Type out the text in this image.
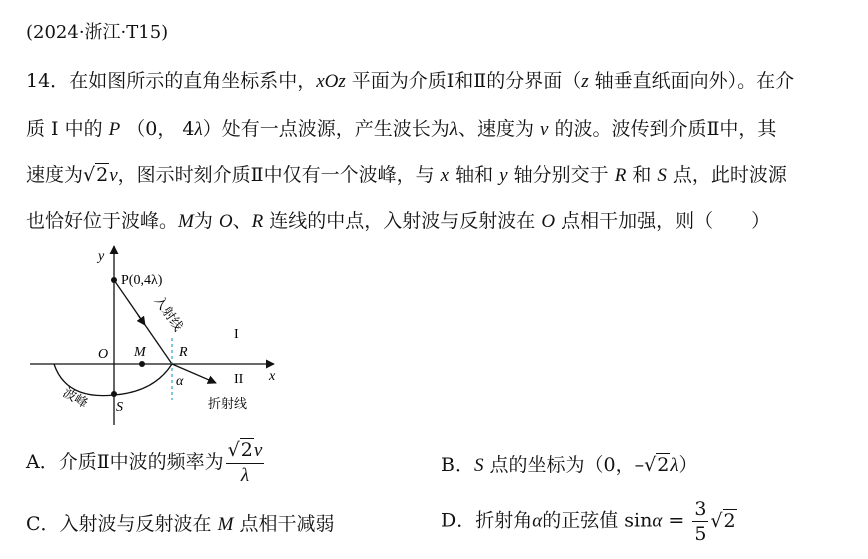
(2024·浙江·T15)
14．在如图所示的直角坐标系中，xOz 平面为介质Ⅰ和Ⅱ的分界面（z 轴垂直纸面向外）。在介
质 Ⅰ 中的 P （0， 4λ）处有一点波源，产生波长为λ、速度为 v 的波。波传到介质Ⅱ中，其
速度为√2v，图示时刻介质Ⅱ中仅有一个波峰，与 x 轴和 y 轴分别交于 R 和 S 点，此时波源
也恰好位于波峰。M为 O、R 连线的中点，入射波与反射波在 O 点相干加强，则（　　）
y
x
P(0,4λ)
入射线
I
II
O M R
α
折射线
波峰 S
A．介质Ⅱ中波的频率为 $\frac{√2v}{\lambda}$	B．S 点的坐标为（0，–√2λ）
C．入射波与反射波在 M 点相干减弱	D．折射角α的正弦值 $\sin\alpha = \frac{3}{5} √2$
